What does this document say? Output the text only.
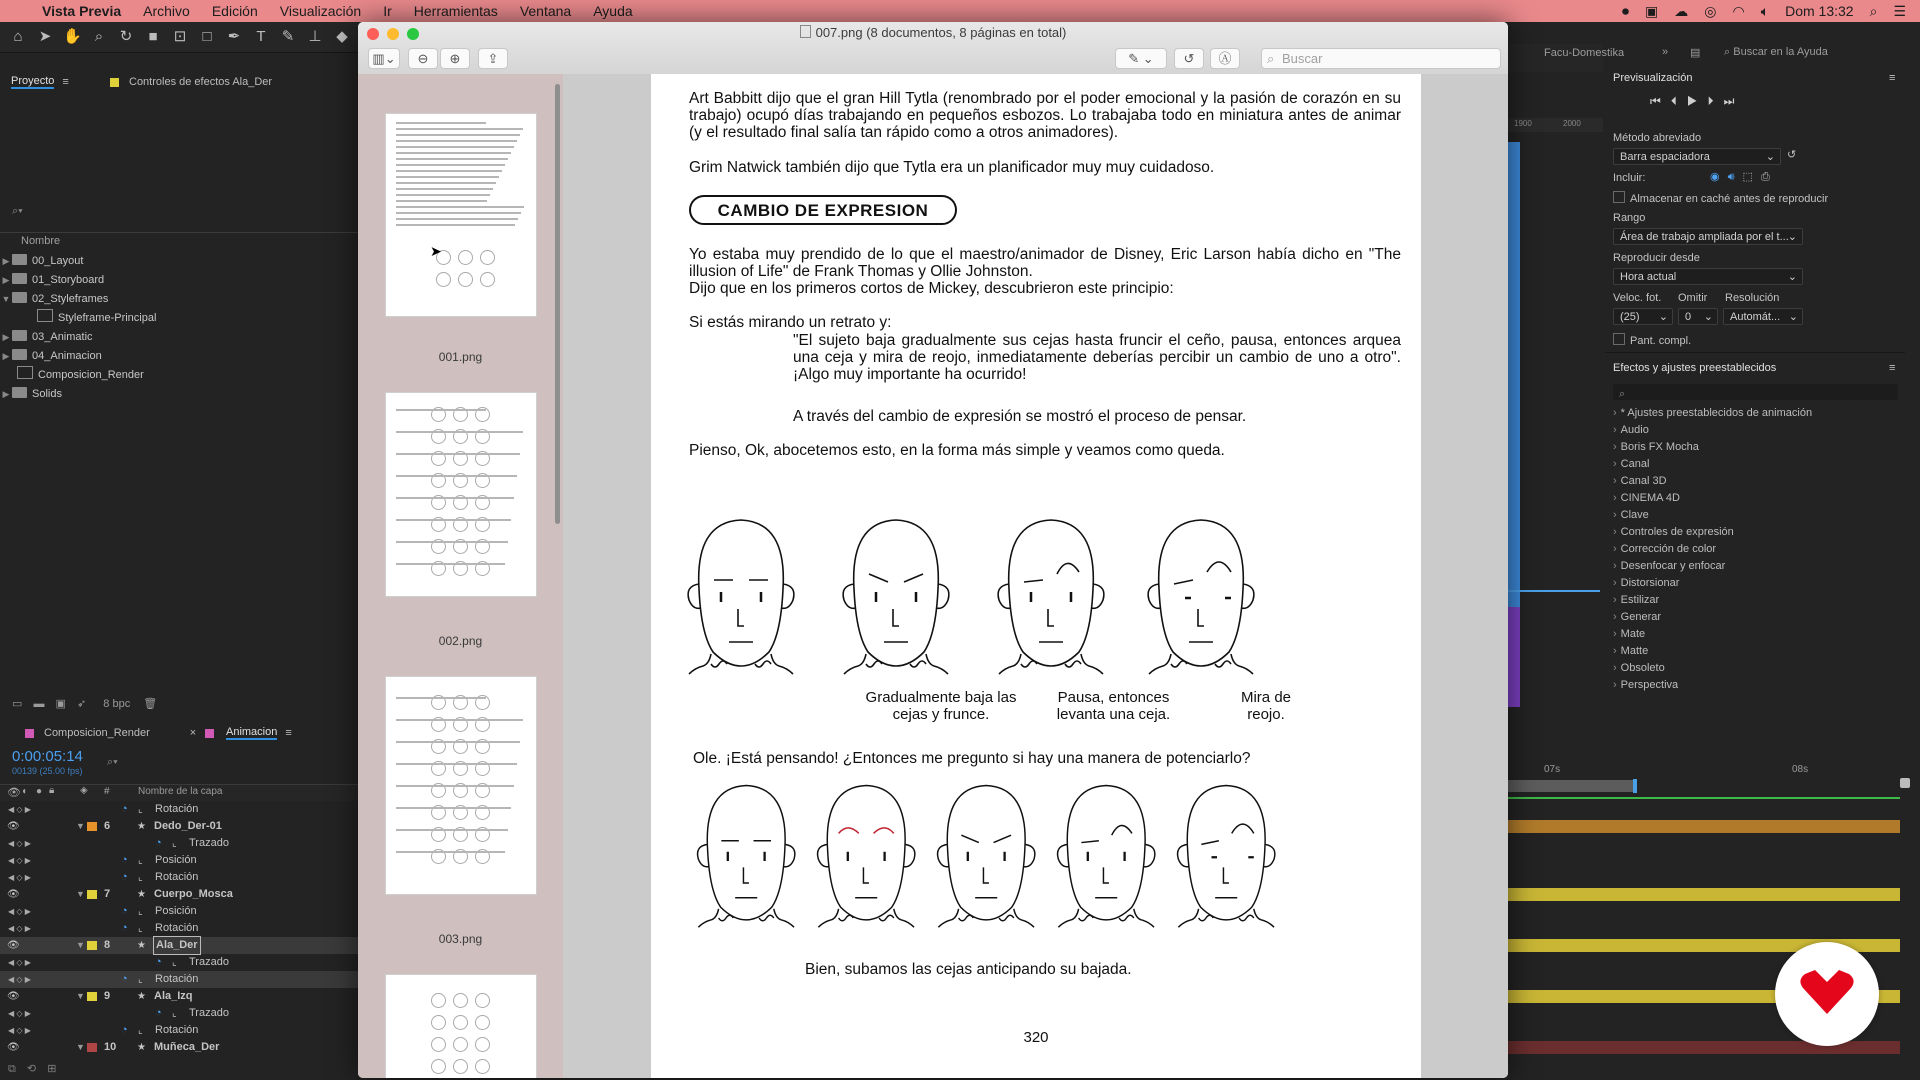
Vista Previa	Archivo	Edición	Visualización	Ir	Herramientas	Ventana	Ayuda	⏺ ▣ ☁ ◎ ◠ 🔈︎ Dom 13:32 ⌕ ☰
⌂ ➤ ✋ ⌕	↻ ■ ⊡ □ ✒ T ✎ ⊥ ◆
Proyecto ≡	Controles de efectos Ala_Der
⌕▾
Nombre
▶ 00_Layout
▶ 01_Storyboard
▼ 02_Styleframes
Styleframe-Principal
▶ 03_Animatic
▶ 04_Animacion
Composicion_Render
▶ Solids
▭ ▬ ▣ ➶ 8 bpc 🗑︎
Composicion_Render	×	Animacion ≡
0:00:05:14
00139 (25.00 fps)
⌕▾
👁︎ ◖ ● 🔒︎	◈ #	Nombre de la capa
◀ ◇ ▶	◔ ⌞ Rotación
👁︎	▼ 6	★ Dedo_Der-01
◀ ◇ ▶	◔ ⌞ Trazado
◀ ◇ ▶	◔ ⌞ Posición
◀ ◇ ▶	◔ ⌞ Rotación
👁︎	▼ 7	★ Cuerpo_Mosca
◀ ◇ ▶	◔ ⌞ Posición
◀ ◇ ▶	◔ ⌞ Rotación
👁︎	▼ 8	★ Ala_Der
◀ ◇ ▶	◔ ⌞ Trazado
◀ ◇ ▶	◔ ⌞ Rotación
👁︎	▼ 9	★ Ala_Izq
◀ ◇ ▶	◔ ⌞ Trazado
◀ ◇ ▶	◔ ⌞ Rotación
👁︎	▼ 10 ★ Muñeca_Der
⧉ ⟲ ⊞
Facu-Domestika	» ▤ ⌕ Buscar en la Ayuda
1900	2000
Previsualización	≡
⏮⏴▶⏵⏭
Método abreviado
Barra espaciadora	⌄ ↺
Incluir:	◉🔊︎⬚⎙
Almacenar en caché antes de reproducir
Rango
Área de trabajo ampliada por el t... ⌄
Reproducir desde
Hora actual	⌄
Veloc. fot. Omitir Resolución
(25) ⌄	0 ⌄	Automát... ⌄
Pant. compl.
Efectos y ajustes preestablecidos	≡
⌕
› * Ajustes preestablecidos de animación
› Audio
› Boris FX Mocha
› Canal
› Canal 3D
› CINEMA 4D
› Clave
› Controles de expresión
› Corrección de color
› Desenfocar y enfocar
› Distorsionar
› Estilizar
› Generar
› Mate
› Matte
› Obsoleto
› Perspectiva
07s	08s
007.png (8 documentos, 8 páginas en total)
▥⌄	⊖	⊕	⇪	✎ ⌄	↺	Ⓐ	⌕ Buscar
001.png
002.png
003.png
➤
Art Babbitt dijo que el gran Hill Tytla (renombrado por el poder emocional y la pasión de corazón en su trabajo) ocupó días trabajando en pequeños esbozos. Lo trabajaba todo en miniatura antes de animar (y el resultado final salía tan rápido como a otros animadores).
Grim Natwick también dijo que Tytla era un planificador muy muy cuidadoso.
CAMBIO DE EXPRESION
Yo estaba muy prendido de lo que el maestro/animador de Disney, Eric Larson había dicho en "The illusion of Life" de Frank Thomas y Ollie Johnston.
Dijo que en los primeros cortos de Mickey, descubrieron este principio:
Si estás mirando un retrato y:
"El sujeto baja gradualmente sus cejas hasta fruncir el ceño, pausa, entonces arquea una ceja y mira de reojo, inmediatamente deberías percibir un cambio de uno a otro". ¡Algo muy importante ha ocurrido!
A través del cambio de expresión se mostró el proceso de pensar.
Pienso, Ok, abocetemos esto, en la forma más simple y veamos como queda.
Gradualmente baja las cejas y frunce.
Pausa, entonces levanta una ceja.
Mira de reojo.
Ole. ¡Está pensando! ¿Entonces me pregunto si hay una manera de potenciarlo?
Bien, subamos las cejas anticipando su bajada.
320
